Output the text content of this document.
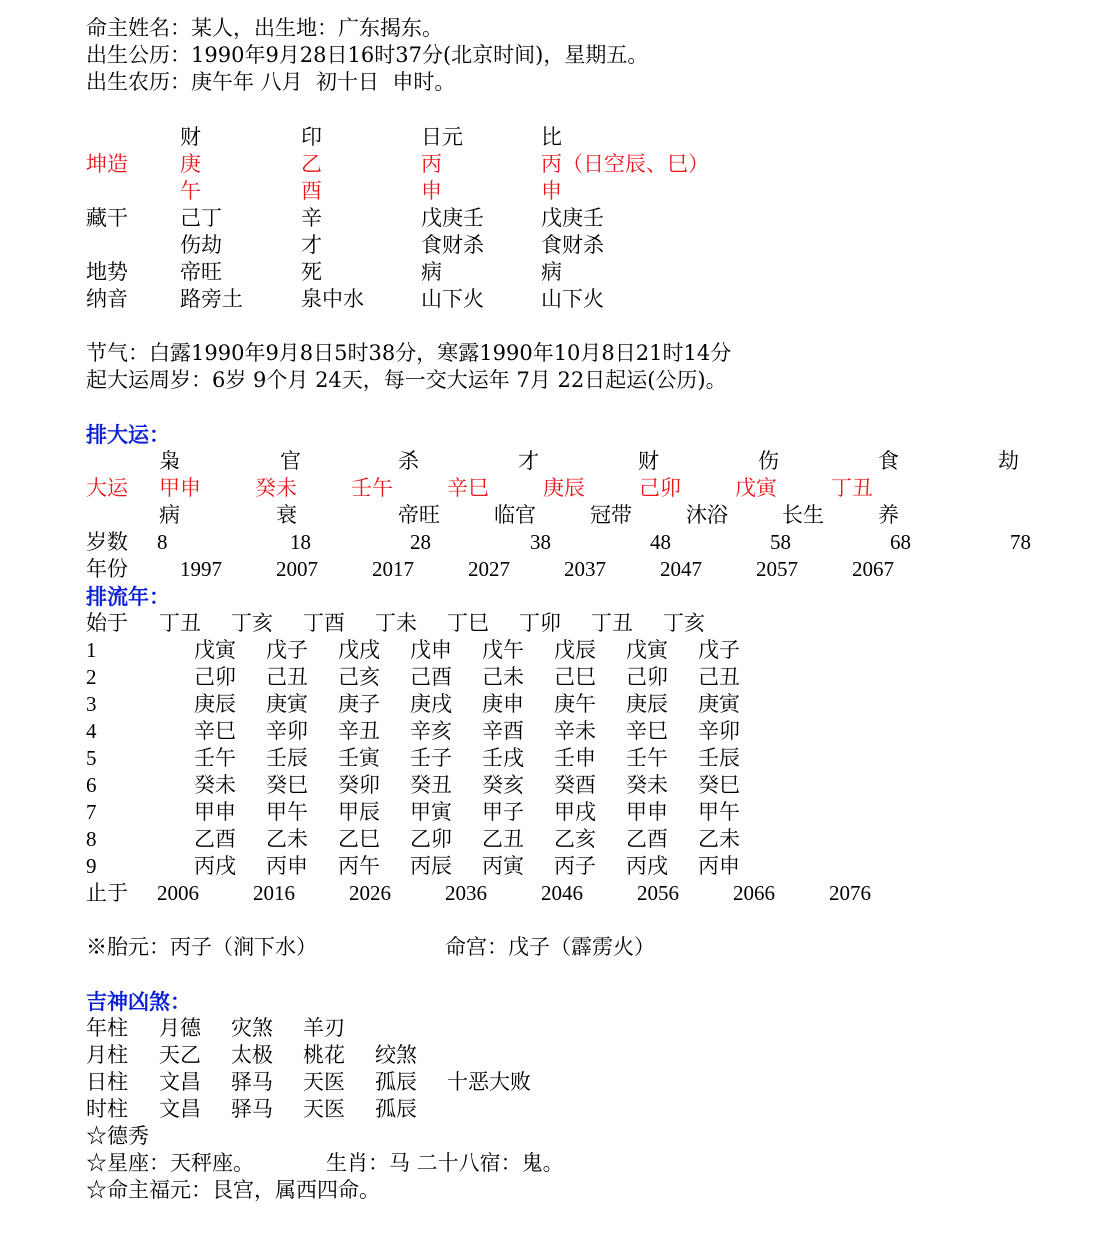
命主姓名：某人，出生地：广东揭东。
出生公历：1990年9月28日16时37分(北京时间)，星期五。
出生农历：庚午年 八月  初十日  申时。
财	印	日元	比
坤造 庚	乙	丙	丙（日空辰、巳）
午	酉	申	申
藏干 己丁	辛	戊庚壬	戊庚壬
伤劫	才	食财杀	食财杀
地势 帝旺	死	病	病
纳音 路旁土	泉中水	山下火	山下火
节气：白露1990年9月8日5时38分，寒露1990年10月8日21时14分
起大运周岁：6岁 9个月 24天，每一交大运年 7月 22日起运(公历)。
排大运：
枭	官	杀	才	财	伤	食	劫
大运 甲申	癸未	壬午	辛巳	庚辰	己卯	戊寅	丁丑
病	衰	帝旺	临官	冠带	沐浴	长生	养
岁数 8	18	28	38	48	58	68	78
年份 1997	2007	2017	2027	2037	2047	2057	2067
排流年：
始于 丁丑 丁亥 丁酉 丁未 丁巳 丁卯 丁丑 丁亥
1	戊寅 戊子 戊戌 戊申 戊午 戊辰 戊寅 戊子
2	己卯 己丑 己亥 己酉 己未 己巳 己卯 己丑
3	庚辰 庚寅 庚子 庚戌 庚申 庚午 庚辰 庚寅
4	辛巳 辛卯 辛丑 辛亥 辛酉 辛未 辛巳 辛卯
5	壬午 壬辰 壬寅 壬子 壬戌 壬申 壬午 壬辰
6	癸未 癸巳 癸卯 癸丑 癸亥 癸酉 癸未 癸巳
7	甲申 甲午 甲辰 甲寅 甲子 甲戌 甲申 甲午
8	乙酉 乙未 乙巳 乙卯 乙丑 乙亥 乙酉 乙未
9	丙戌 丙申 丙午 丙辰 丙寅 丙子 丙戌 丙申
止于 2006	2016	2026	2036	2046	2056	2066	2076
※胎元：丙子（涧下水）	命宫：戊子（霹雳火）
吉神凶煞：
年柱 月德 灾煞 羊刃
月柱 天乙 太极 桃花 绞煞
日柱 文昌 驿马 天医 孤辰 十恶大败
时柱 文昌 驿马 天医 孤辰
☆德秀
☆星座：天秤座。	生肖：马 二十八宿：鬼。
☆命主福元：艮宫，属西四命。
